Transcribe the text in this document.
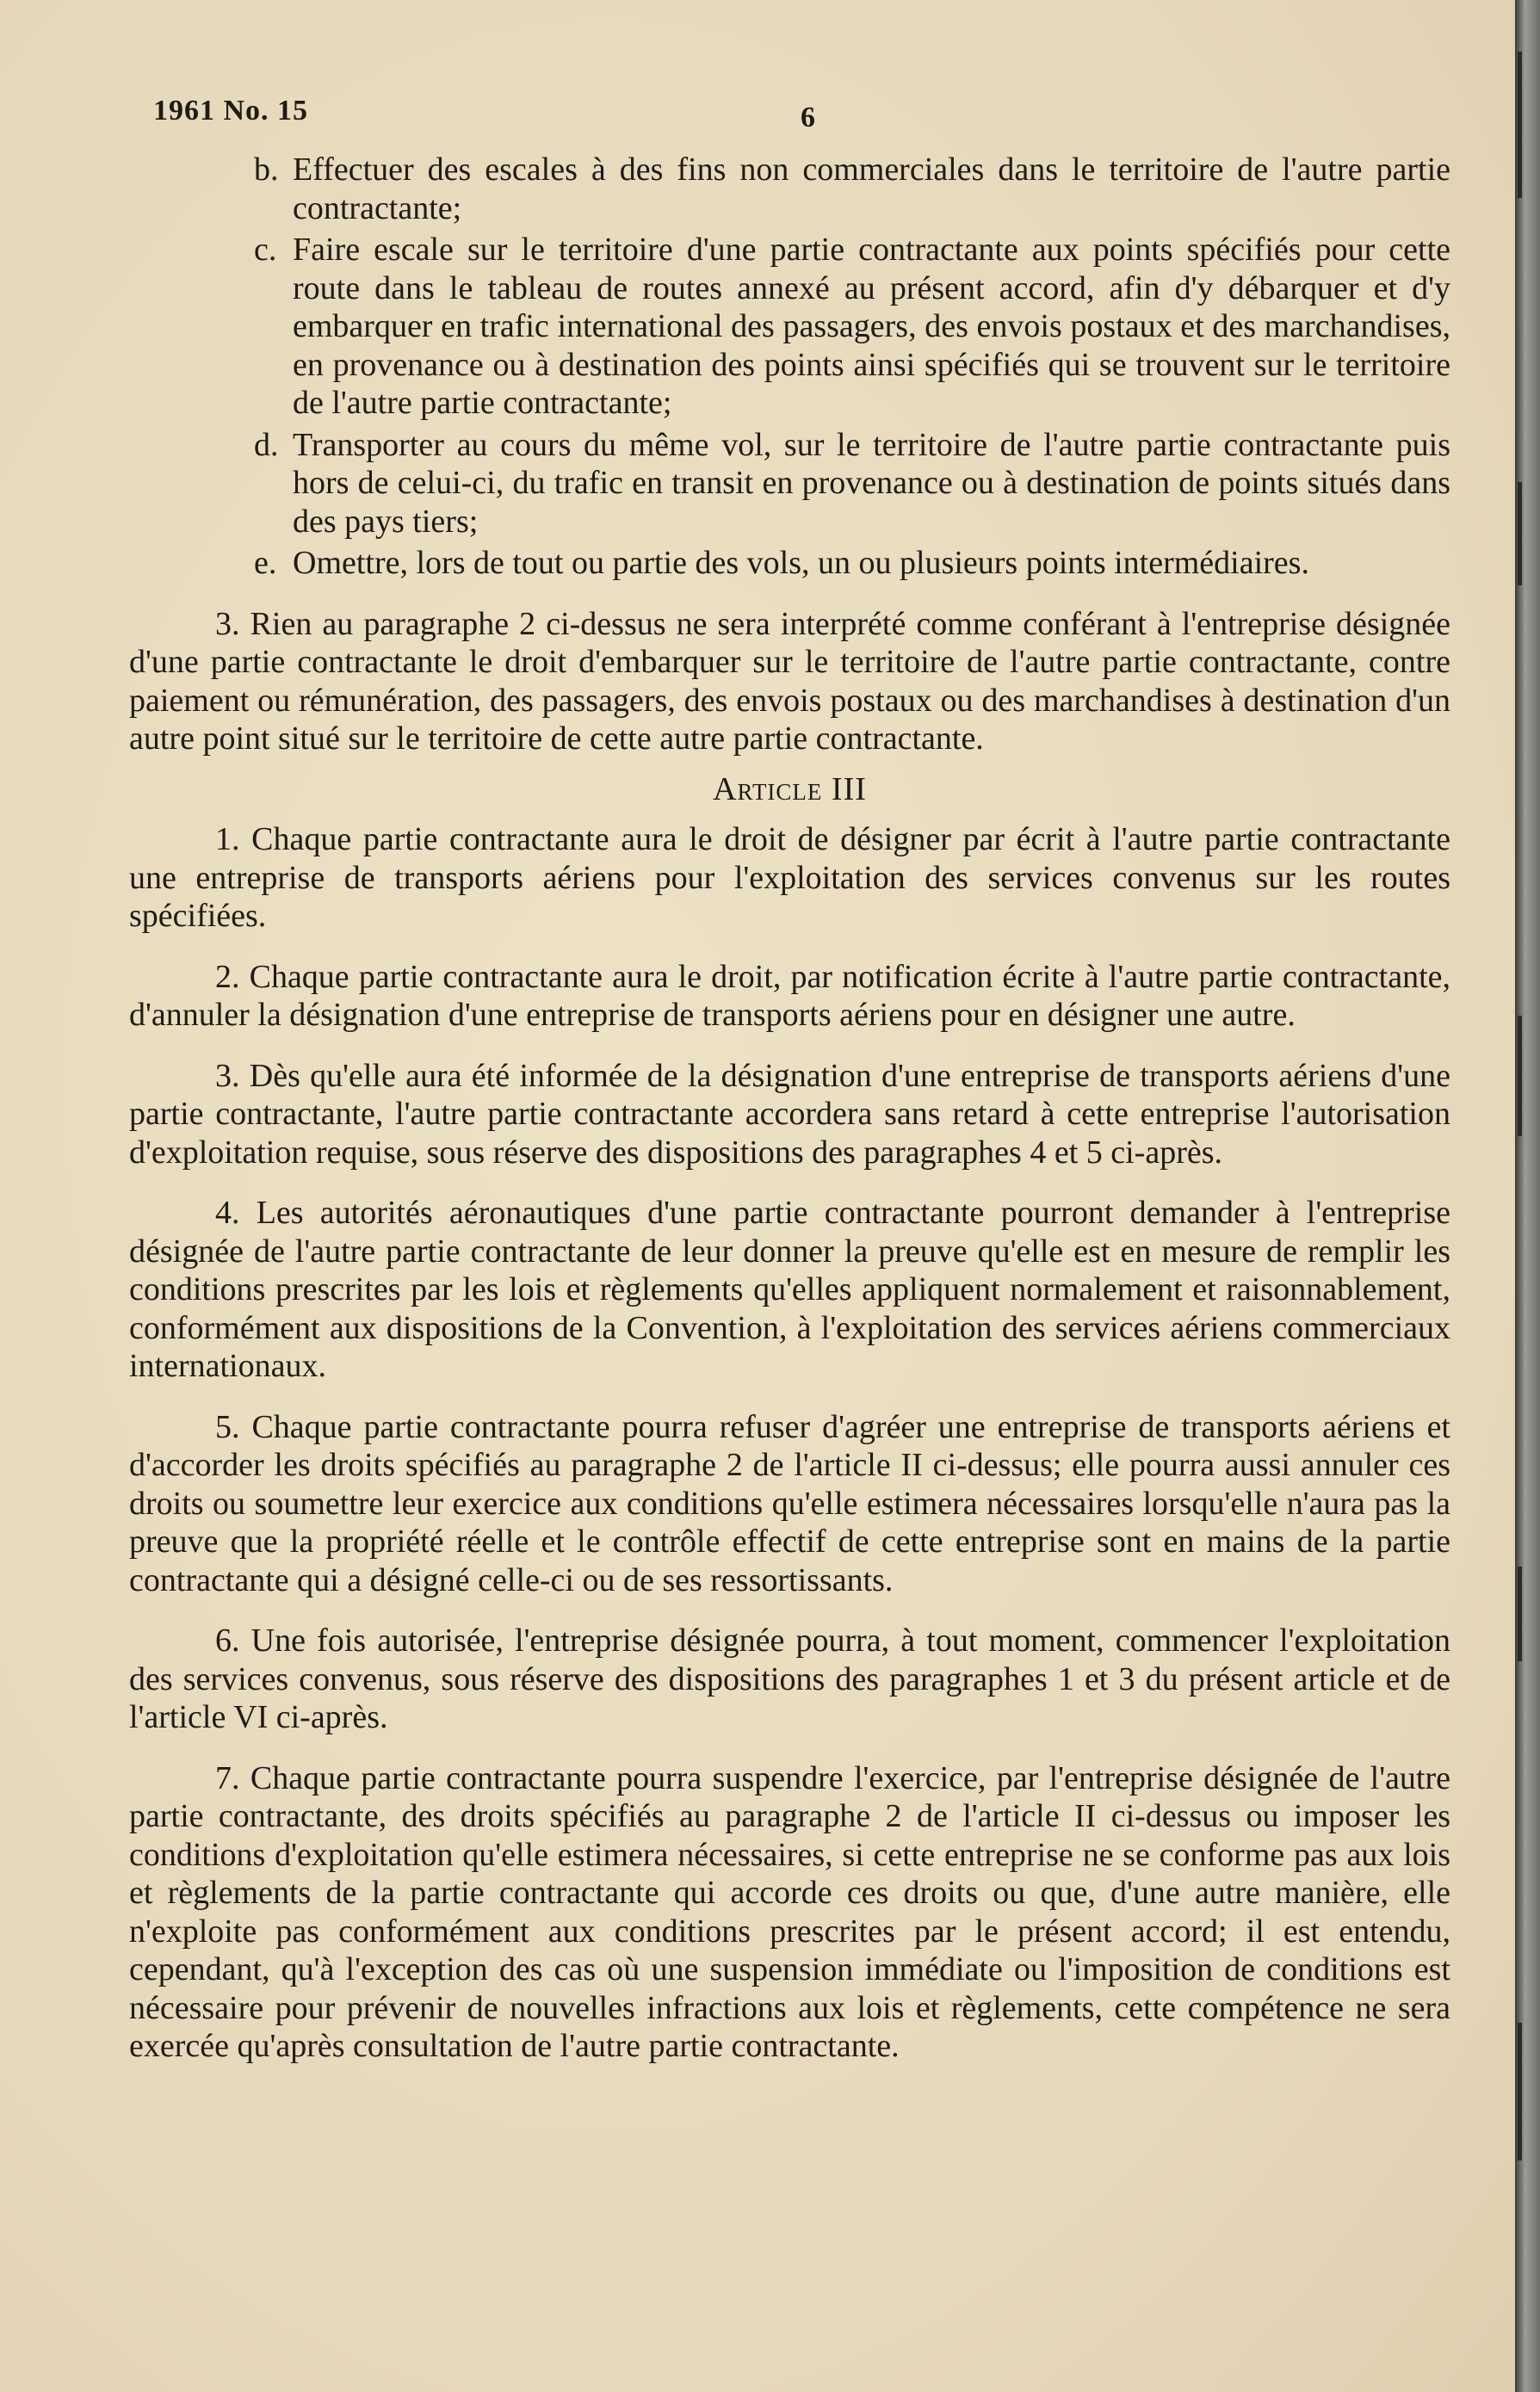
1961 No. 15	6

b. Effectuer des escales à des fins non commerciales dans le territoire de l'autre partie contractante;

c. Faire escale sur le territoire d'une partie contractante aux points spécifiés pour cette route dans le tableau de routes annexé au présent accord, afin d'y débarquer et d'y embarquer en trafic international des passagers, des envois postaux et des marchandises, en provenance ou à destination des points ainsi spécifiés qui se trouvent sur le territoire de l'autre partie contractante;

d. Transporter au cours du même vol, sur le territoire de l'autre partie contractante puis hors de celui-ci, du trafic en transit en provenance ou à destination de points situés dans des pays tiers;

e. Omettre, lors de tout ou partie des vols, un ou plusieurs points intermédiaires.

3. Rien au paragraphe 2 ci-dessus ne sera interprété comme conférant à l'entreprise désignée d'une partie contractante le droit d'embarquer sur le territoire de l'autre partie contractante, contre paiement ou rémunération, des passagers, des envois postaux ou des marchandises à destination d'un autre point situé sur le territoire de cette autre partie contractante.

Article III

1. Chaque partie contractante aura le droit de désigner par écrit à l'autre partie contractante une entreprise de transports aériens pour l'exploitation des services convenus sur les routes spécifiées.

2. Chaque partie contractante aura le droit, par notification écrite à l'autre partie contractante, d'annuler la désignation d'une entreprise de transports aériens pour en désigner une autre.

3. Dès qu'elle aura été informée de la désignation d'une entreprise de transports aériens d'une partie contractante, l'autre partie contractante accordera sans retard à cette entreprise l'autorisation d'exploitation requise, sous réserve des dispositions des paragraphes 4 et 5 ci-après.

4. Les autorités aéronautiques d'une partie contractante pourront demander à l'entreprise désignée de l'autre partie contractante de leur donner la preuve qu'elle est en mesure de remplir les conditions prescrites par les lois et règlements qu'elles appliquent normalement et raisonnablement, conformément aux dispositions de la Convention, à l'exploitation des services aériens commerciaux internationaux.

5. Chaque partie contractante pourra refuser d'agréer une entreprise de transports aériens et d'accorder les droits spécifiés au paragraphe 2 de l'article II ci-dessus; elle pourra aussi annuler ces droits ou soumettre leur exercice aux conditions qu'elle estimera nécessaires lorsqu'elle n'aura pas la preuve que la propriété réelle et le contrôle effectif de cette entreprise sont en mains de la partie contractante qui a désigné celle-ci ou de ses ressortissants.

6. Une fois autorisée, l'entreprise désignée pourra, à tout moment, commencer l'exploitation des services convenus, sous réserve des dispositions des paragraphes 1 et 3 du présent article et de l'article VI ci-après.

7. Chaque partie contractante pourra suspendre l'exercice, par l'entreprise désignée de l'autre partie contractante, des droits spécifiés au paragraphe 2 de l'article II ci-dessus ou imposer les conditions d'exploitation qu'elle estimera nécessaires, si cette entreprise ne se conforme pas aux lois et règlements de la partie contractante qui accorde ces droits ou que, d'une autre manière, elle n'exploite pas conformément aux conditions prescrites par le présent accord; il est entendu, cependant, qu'à l'exception des cas où une suspension immédiate ou l'imposition de conditions est nécessaire pour prévenir de nouvelles infractions aux lois et règlements, cette compétence ne sera exercée qu'après consultation de l'autre partie contractante.
